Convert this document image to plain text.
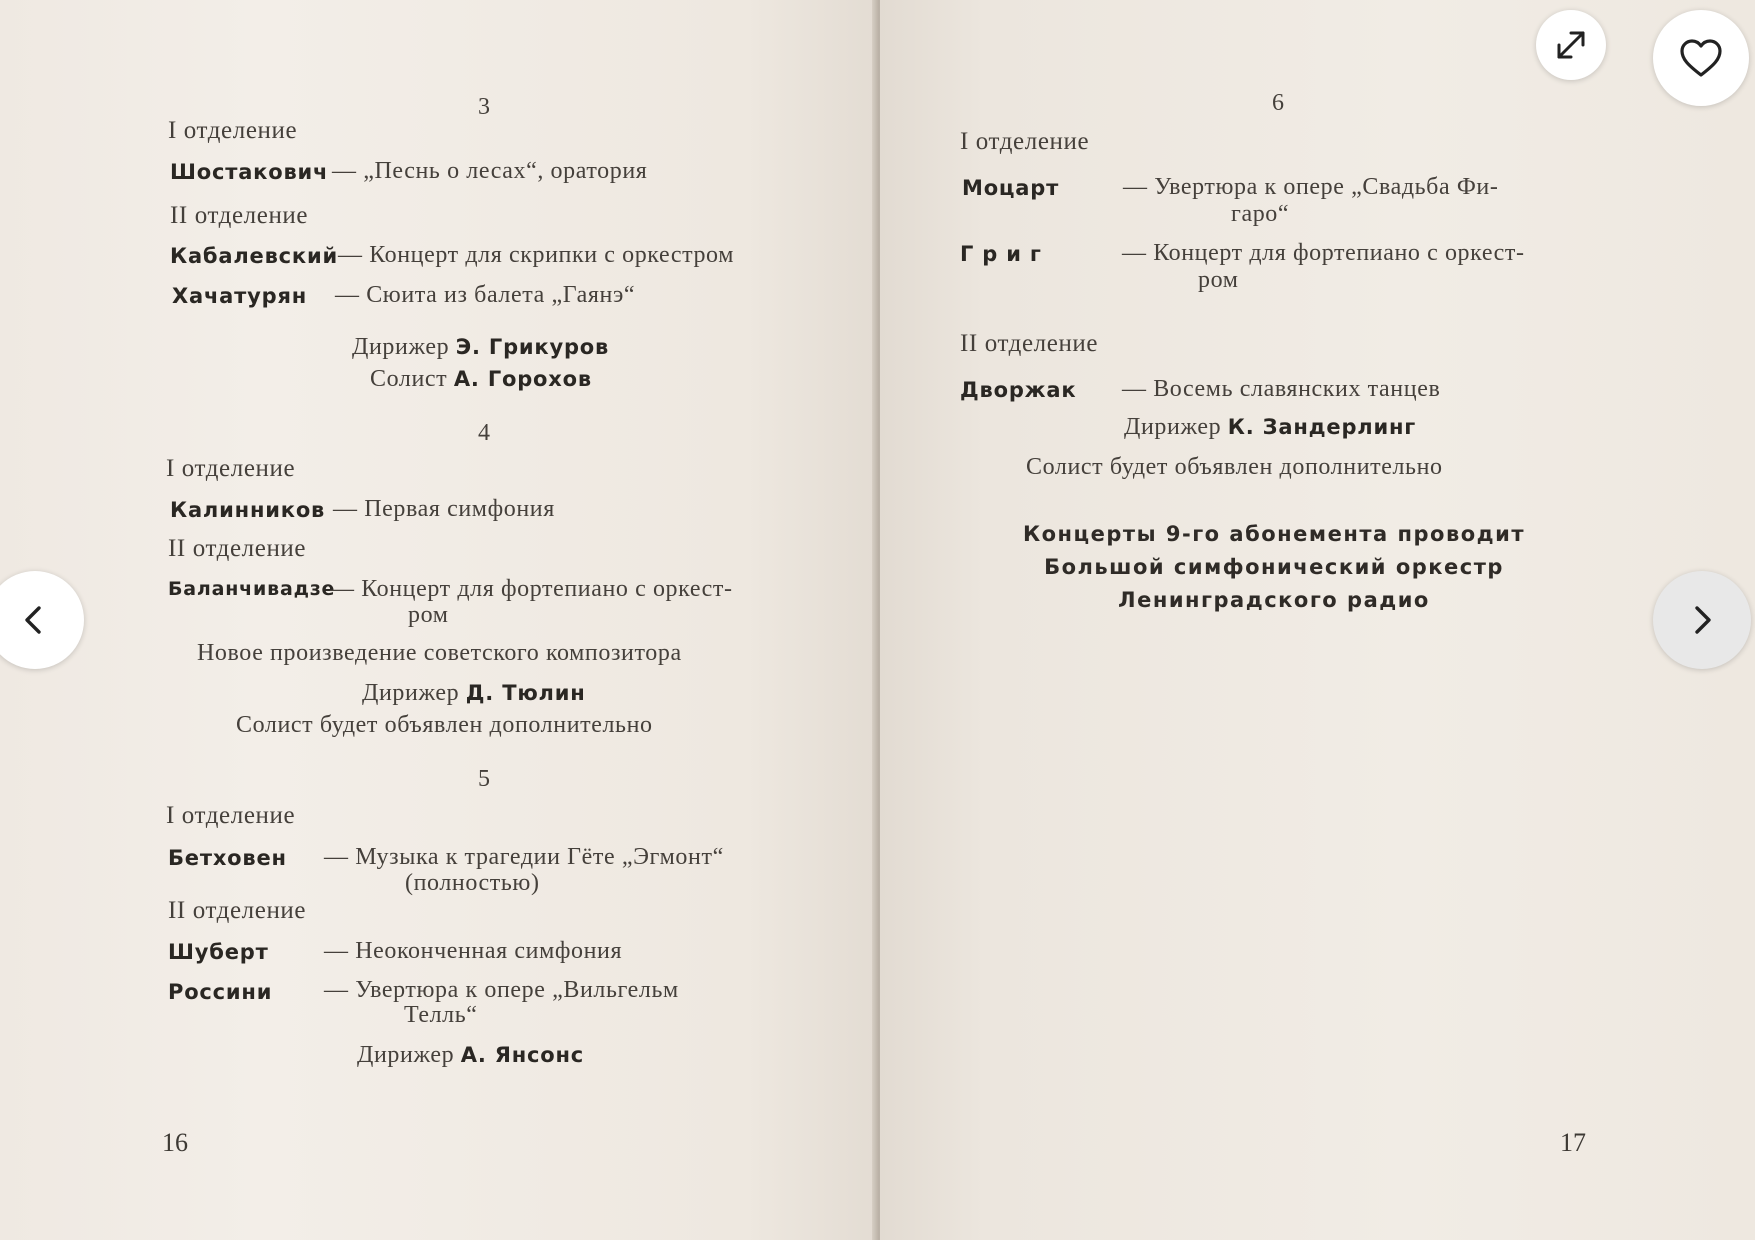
3
I отделение
Шостакович — „Песнь о лесах“, оратория
II отделение
Кабалевский — Концерт для скрипки с оркестром
Хачатурян — Сюита из балета „Гаянэ“
Дирижер Э. Грикуров
Солист А. Горохов
4
I отделение
Калинников — Первая симфония
II отделение
Баланчивадзе
— Концерт для фортепиано с оркест-
ром
Новое произведение советского композитора
Дирижер Д. Тюлин
Солист будет объявлен дополнительно
5
I отделение
Бетховен — Музыка к трагедии Гёте „Эгмонт“
(полностью)
II отделение
Шуберт — Неоконченная симфония
Россини — Увертюра к опере „Вильгельм
Телль“
Дирижер А. Янсонс
16
6
I отделение
Моцарт	— Увертюра к опере „Свадьба Фи-
гаро“
Г р и г	— Концерт для фортепиано с оркест-
ром
II отделение
Дворжак — Восемь славянских танцев
Дирижер К. Зандерлинг
Солист будет объявлен дополнительно
Концерты 9-го абонемента проводит
Большой симфонический оркестр
Ленинградского радио
17
